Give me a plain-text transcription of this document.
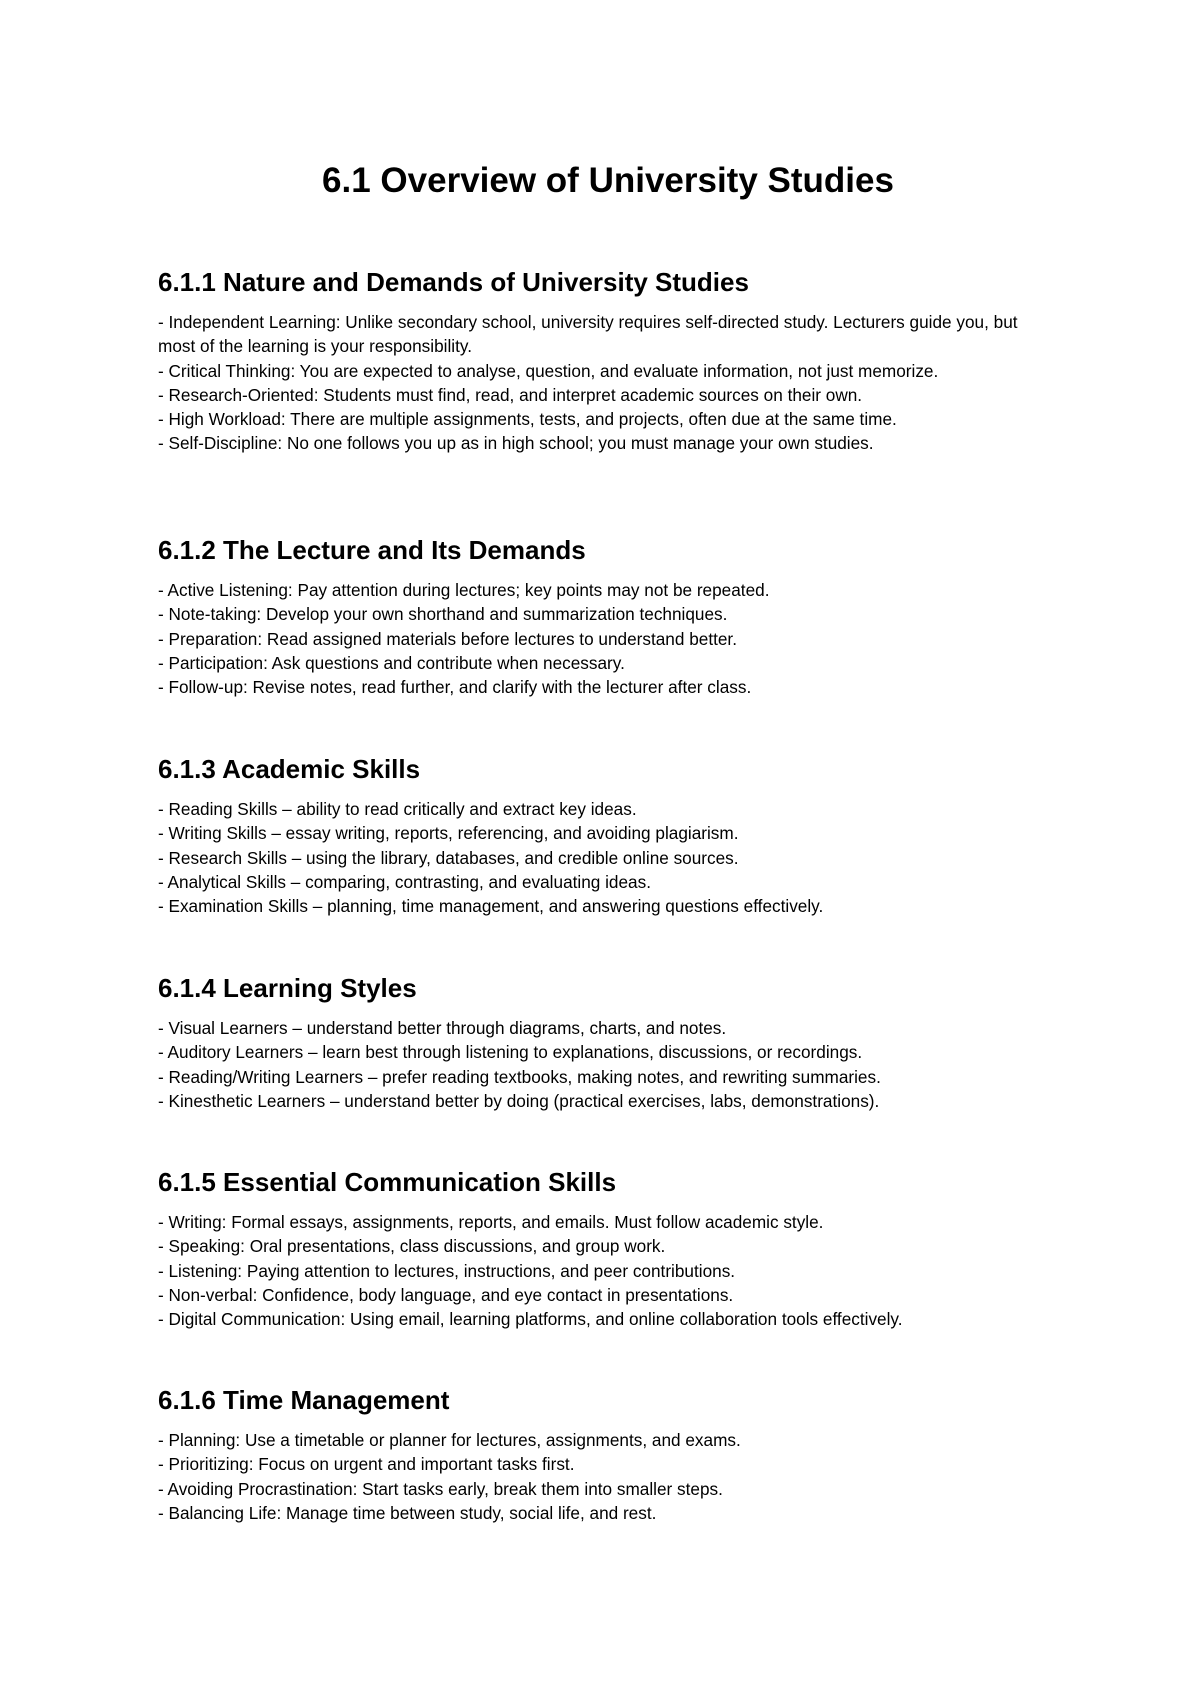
6.1 Overview of University Studies
6.1.1 Nature and Demands of University Studies

- Independent Learning: Unlike secondary school, university requires self-directed study. Lecturers guide you, but most of the learning is your responsibility.

- Critical Thinking: You are expected to analyse, question, and evaluate information, not just memorize.

- Research-Oriented: Students must find, read, and interpret academic sources on their own.

- High Workload: There are multiple assignments, tests, and projects, often due at the same time.

- Self-Discipline: No one follows you up as in high school; you must manage your own studies.

6.1.2 The Lecture and Its Demands

- Active Listening: Pay attention during lectures; key points may not be repeated.

- Note-taking: Develop your own shorthand and summarization techniques.

- Preparation: Read assigned materials before lectures to understand better.

- Participation: Ask questions and contribute when necessary.

- Follow-up: Revise notes, read further, and clarify with the lecturer after class.

6.1.3 Academic Skills

- Reading Skills – ability to read critically and extract key ideas.

- Writing Skills – essay writing, reports, referencing, and avoiding plagiarism.

- Research Skills – using the library, databases, and credible online sources.

- Analytical Skills – comparing, contrasting, and evaluating ideas.

- Examination Skills – planning, time management, and answering questions effectively.

6.1.4 Learning Styles

- Visual Learners – understand better through diagrams, charts, and notes.

- Auditory Learners – learn best through listening to explanations, discussions, or recordings.

- Reading/Writing Learners – prefer reading textbooks, making notes, and rewriting summaries.

- Kinesthetic Learners – understand better by doing (practical exercises, labs, demonstrations).

6.1.5 Essential Communication Skills

- Writing: Formal essays, assignments, reports, and emails. Must follow academic style.

- Speaking: Oral presentations, class discussions, and group work.

- Listening: Paying attention to lectures, instructions, and peer contributions.

- Non-verbal: Confidence, body language, and eye contact in presentations.

- Digital Communication: Using email, learning platforms, and online collaboration tools effectively.

6.1.6 Time Management

- Planning: Use a timetable or planner for lectures, assignments, and exams.

- Prioritizing: Focus on urgent and important tasks first.

- Avoiding Procrastination: Start tasks early, break them into smaller steps.

- Balancing Life: Manage time between study, social life, and rest.
